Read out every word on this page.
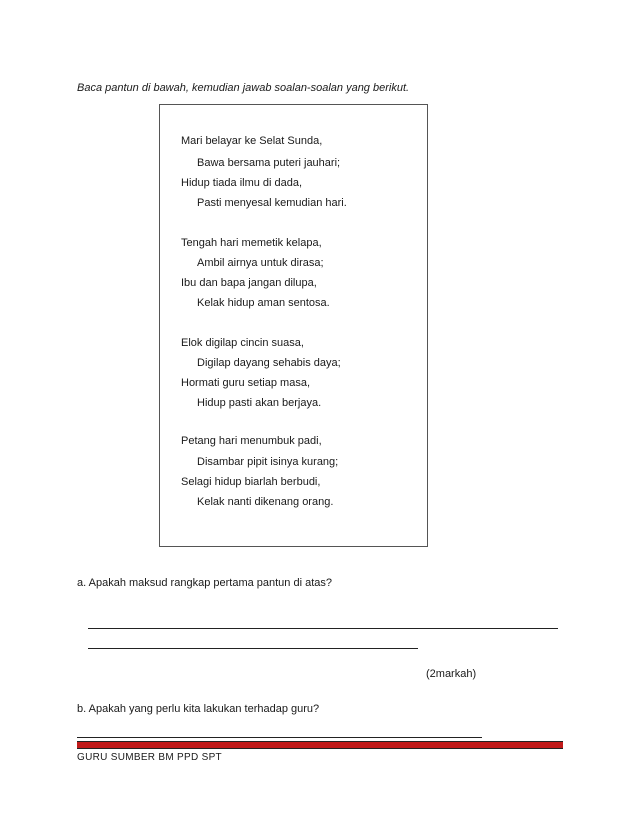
Baca pantun di bawah, kemudian jawab soalan-soalan yang berikut.
Mari belayar ke Selat Sunda,
Bawa bersama puteri jauhari;
Hidup tiada ilmu di dada,
Pasti menyesal kemudian hari.
Tengah hari memetik kelapa,
Ambil airnya untuk dirasa;
Ibu dan bapa jangan dilupa,
Kelak hidup aman sentosa.
Elok digilap cincin suasa,
Digilap dayang sehabis daya;
Hormati guru setiap masa,
Hidup pasti akan berjaya.
Petang hari menumbuk padi,
Disambar pipit isinya kurang;
Selagi hidup biarlah berbudi,
Kelak nanti dikenang orang.
a. Apakah maksud rangkap pertama pantun di atas?
(2markah)
b. Apakah yang perlu kita lakukan terhadap guru?
GURU SUMBER BM PPD SPT
